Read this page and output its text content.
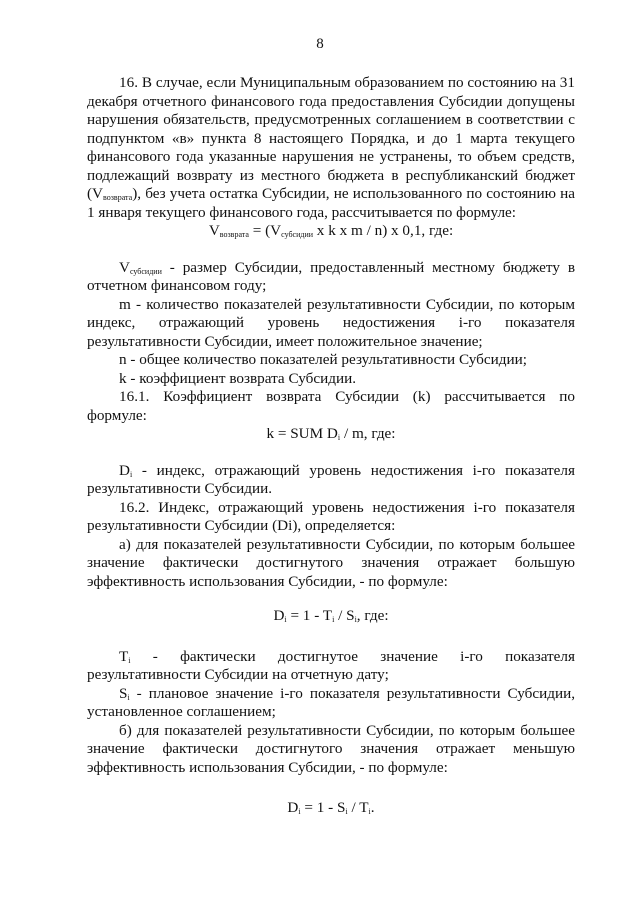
8

16. В случае, если Муниципальным образованием по состоянию на 31 декабря отчетного финансового года предоставления Субсидии допущены нарушения обязательств, предусмотренных соглашением в соответствии с подпунктом «в» пункта 8 настоящего Порядка, и до 1 марта текущего финансового года указанные нарушения не устранены, то объем средств, подлежащий возврату из местного бюджета в республиканский бюджет $(V_{возврата})$, без учета остатка Субсидии, не использованного по состоянию на 1 января текущего финансового года, рассчитывается по формуле:

$V_{возврата} = (V_{субсидии}$ x k x m / n) x 0,1, где:

$V_{субсидии}$ - размер Субсидии, предоставленный местному бюджету в отчетном финансовом году;

m - количество показателей результативности Субсидии, по которым индекс, отражающий уровень недостижения i-го показателя результативности Субсидии, имеет положительное значение;

n - общее количество показателей результативности Субсидии;

k - коэффициент возврата Субсидии.

16.1. Коэффициент возврата Субсидии (k) рассчитывается по формуле:

k = SUM $D_i$ / m, где:

$D_i$ - индекс, отражающий уровень недостижения i-го показателя результативности Субсидии.

16.2. Индекс, отражающий уровень недостижения i-го показателя результативности Субсидии (Di), определяется:

а) для показателей результативности Субсидии, по которым большее значение фактически достигнутого значения отражает большую эффективность использования Субсидии, - по формуле:

$D_i = 1 - T_i / S_i$, где:

$T_i$ - фактически достигнутое значение i-го показателя результативности Субсидии на отчетную дату;

$S_i$ - плановое значение i-го показателя результативности Субсидии, установленное соглашением;

б) для показателей результативности Субсидии, по которым большее значение фактически достигнутого значения отражает меньшую эффективность использования Субсидии, - по формуле:

$D_i = 1 - S_i / T_i$.
